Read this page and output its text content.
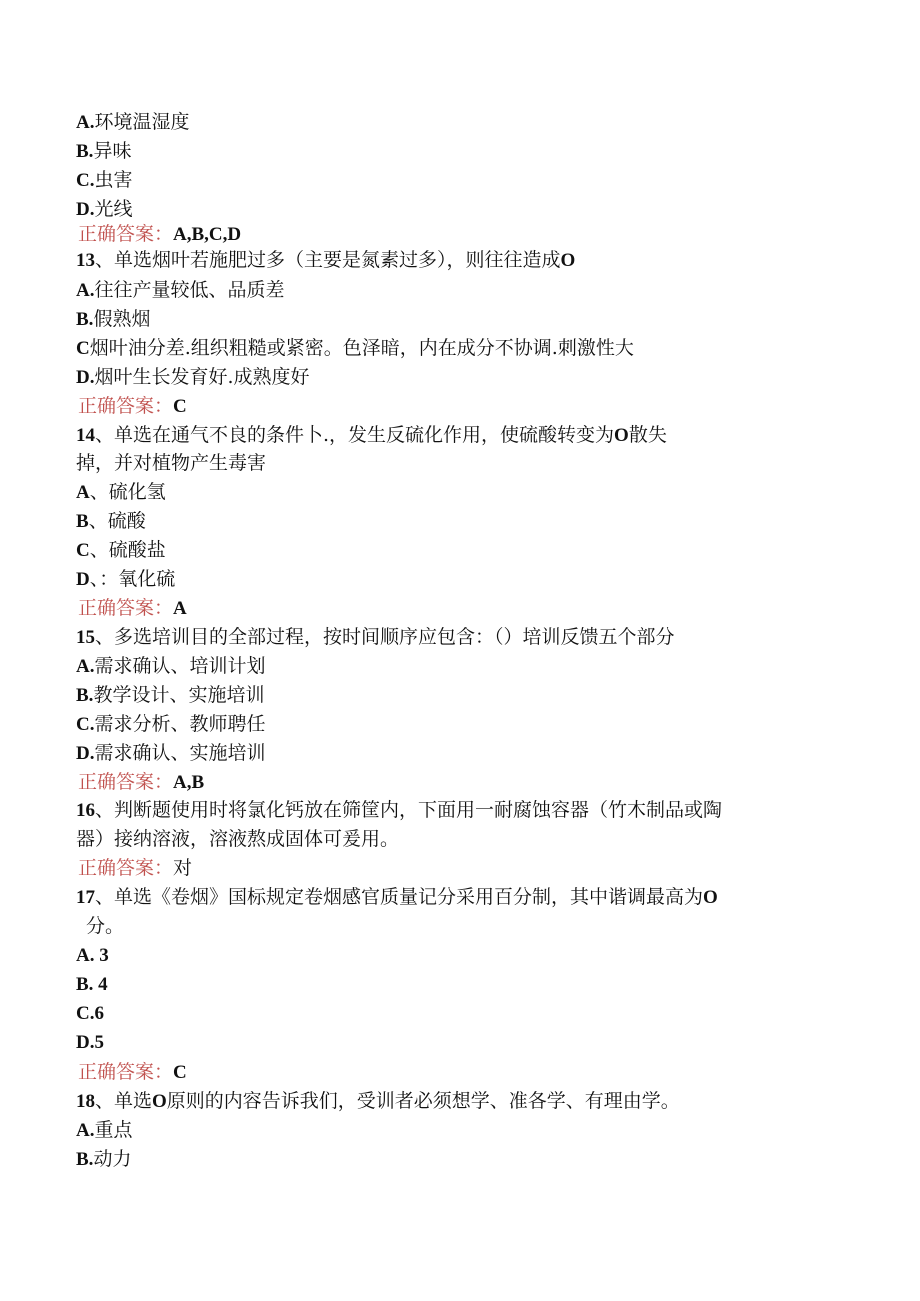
A.环境温湿度
B.异味
C.虫害
D.光线
正确答案：A,B,C,D
13、单选烟叶若施肥过多（主要是氮素过多），则往往造成O
A.往往产量较低、品质差
B.假熟烟
C烟叶油分差.组织粗糙或紧密。色泽暗，内在成分不协调.刺激性大
D.烟叶生长发育好.成熟度好
正确答案：C
14、单选在通气不良的条件卜.，发生反硫化作用，使硫酸转变为O散失
掉，并对植物产生毒害
A、硫化氢
B、硫酸
C、硫酸盐
D、：氧化硫
正确答案：A
15、多选培训目的全部过程，按时间顺序应包含：（）培训反馈五个部分
A.需求确认、培训计划
B.教学设计、实施培训
C.需求分析、教师聘任
D.需求确认、实施培训
正确答案：A,B
16、判断题使用时将氯化钙放在筛筐内，下面用一耐腐蚀容器（竹木制品或陶
器）接纳溶液，溶液熬成固体可爰用。
正确答案：对
17、单选《卷烟》国标规定卷烟感官质量记分采用百分制，其中谐调最高为O
分。
A. 3
B. 4
C.6
D.5
正确答案：C
18、单选O原则的内容告诉我们，受训者必须想学、准各学、有理由学。
A.重点
B.动力
